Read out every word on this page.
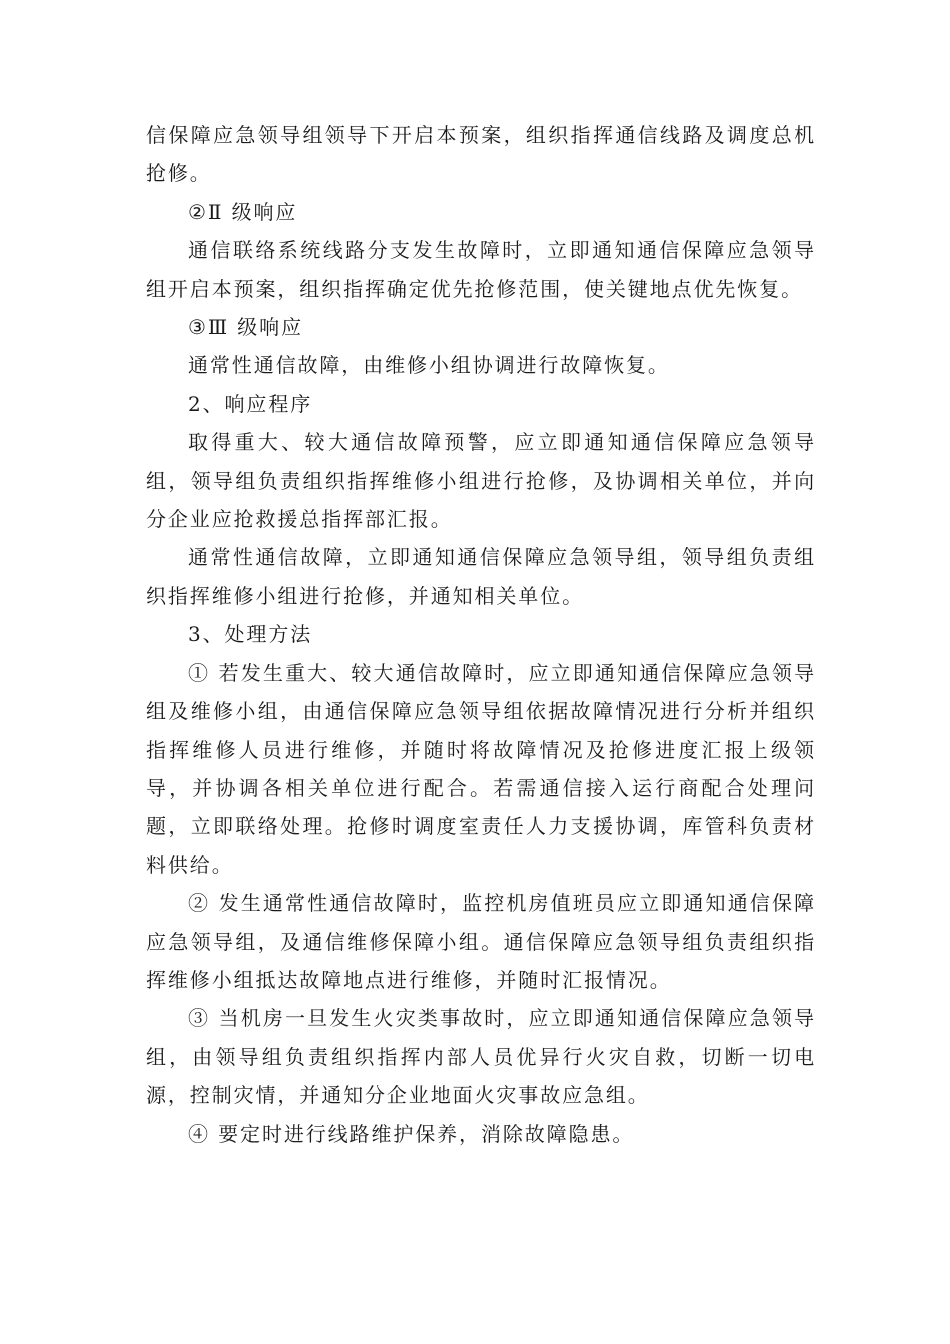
信保障应急领导组领导下开启本预案，组织指挥通信线路及调度总机抢修。

②Ⅱ 级响应

通信联络系统线路分支发生故障时，立即通知通信保障应急领导组开启本预案，组织指挥确定优先抢修范围，使关键地点优先恢复。

③Ⅲ 级响应

通常性通信故障，由维修小组协调进行故障恢复。

2、响应程序

取得重大、较大通信故障预警，应立即通知通信保障应急领导组，领导组负责组织指挥维修小组进行抢修，及协调相关单位，并向分企业应抢救援总指挥部汇报。

通常性通信故障，立即通知通信保障应急领导组，领导组负责组织指挥维修小组进行抢修，并通知相关单位。

3、处理方法

① 若发生重大、较大通信故障时，应立即通知通信保障应急领导组及维修小组，由通信保障应急领导组依据故障情况进行分析并组织指挥维修人员进行维修，并随时将故障情况及抢修进度汇报上级领导，并协调各相关单位进行配合。若需通信接入运行商配合处理问题，立即联络处理。抢修时调度室责任人力支援协调，库管科负责材料供给。

② 发生通常性通信故障时，监控机房值班员应立即通知通信保障应急领导组，及通信维修保障小组。通信保障应急领导组负责组织指挥维修小组抵达故障地点进行维修，并随时汇报情况。

③ 当机房一旦发生火灾类事故时，应立即通知通信保障应急领导组，由领导组负责组织指挥内部人员优异行火灾自救，切断一切电源，控制灾情，并通知分企业地面火灾事故应急组。

④ 要定时进行线路维护保养，消除故障隐患。
